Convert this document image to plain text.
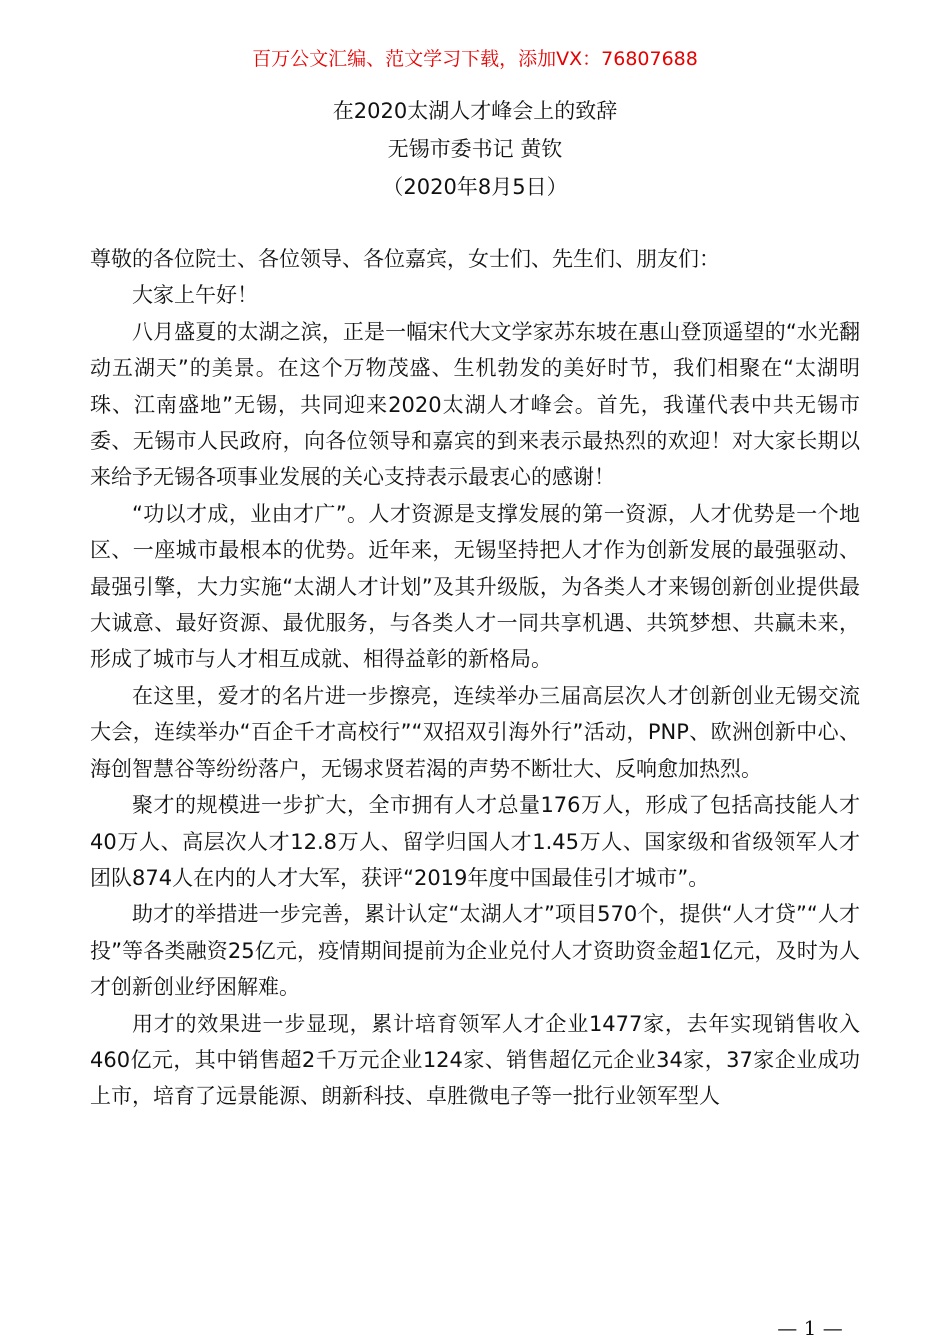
百万公文汇编、范文学习下载，添加VX：76807688
在2020太湖人才峰会上的致辞
无锡市委书记 黄钦
（2020年8月5日）

尊敬的各位院士、各位领导、各位嘉宾，女士们、先生们、朋友们：

大家上午好！

八月盛夏的太湖之滨，正是一幅宋代大文学家苏东坡在惠山登顶遥望的“水光翻动五湖天”的美景。在这个万物茂盛、生机勃发的美好时节，我们相聚在“太湖明珠、江南盛地”无锡，共同迎来2020太湖人才峰会。首先，我谨代表中共无锡市委、无锡市人民政府，向各位领导和嘉宾的到来表示最热烈的欢迎！对大家长期以来给予无锡各项事业发展的关心支持表示最衷心的感谢！

“功以才成，业由才广”。人才资源是支撑发展的第一资源，人才优势是一个地区、一座城市最根本的优势。近年来，无锡坚持把人才作为创新发展的最强驱动、最强引擎，大力实施“太湖人才计划”及其升级版，为各类人才来锡创新创业提供最大诚意、最好资源、最优服务，与各类人才一同共享机遇、共筑梦想、共赢未来，形成了城市与人才相互成就、相得益彰的新格局。

在这里，爱才的名片进一步擦亮，连续举办三届高层次人才创新创业无锡交流大会，连续举办“百企千才高校行”“双招双引海外行”活动，PNP、欧洲创新中心、海创智慧谷等纷纷落户，无锡求贤若渴的声势不断壮大、反响愈加热烈。

聚才的规模进一步扩大，全市拥有人才总量176万人，形成了包括高技能人才40万人、高层次人才12.8万人、留学归国人才1.45万人、国家级和省级领军人才团队874人在内的人才大军，获评“2019年度中国最佳引才城市”。

助才的举措进一步完善，累计认定“太湖人才”项目570个，提供“人才贷”“人才投”等各类融资25亿元，疫情期间提前为企业兑付人才资助资金超1亿元，及时为人才创新创业纾困解难。

用才的效果进一步显现，累计培育领军人才企业1477家，去年实现销售收入460亿元，其中销售超2千万元企业124家、销售超亿元企业34家，37家企业成功上市，培育了远景能源、朗新科技、卓胜微电子等一批行业领军型人

— 1 —
